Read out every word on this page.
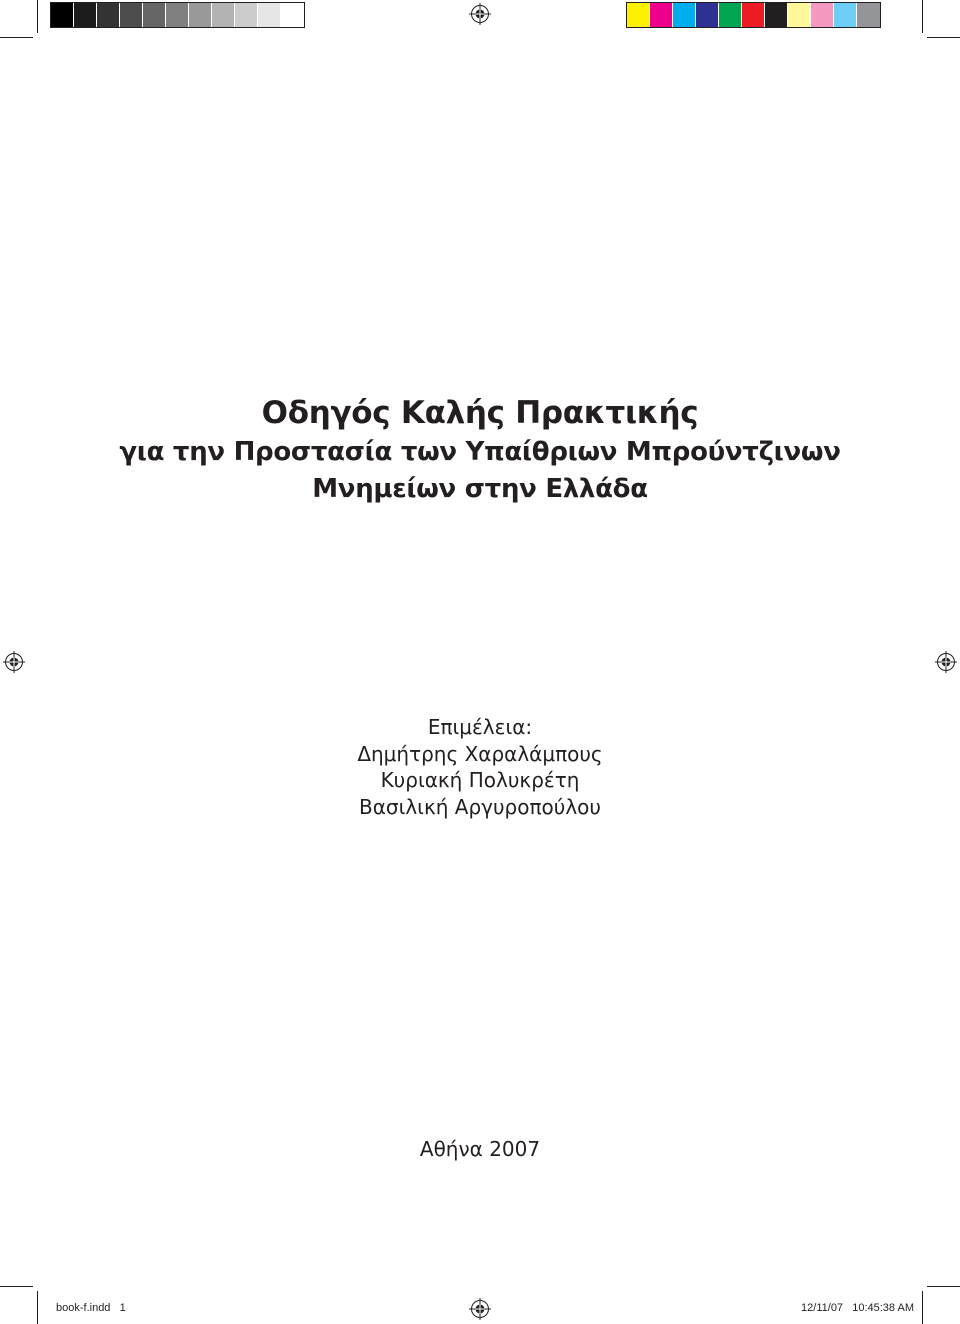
Οδηγός Καλής Πρακτικής
για την Προστασία των Υπαίθριων Μπρούντζινων
Μνημείων στην Ελλάδα
Επιμέλεια:
Δημήτρης Χαραλάμπους
Κυριακή Πολυκρέτη
Βασιλική Αργυροπούλου
Αθήνα 2007
book-f.indd   1	12/11/07   10:45:38 AM
